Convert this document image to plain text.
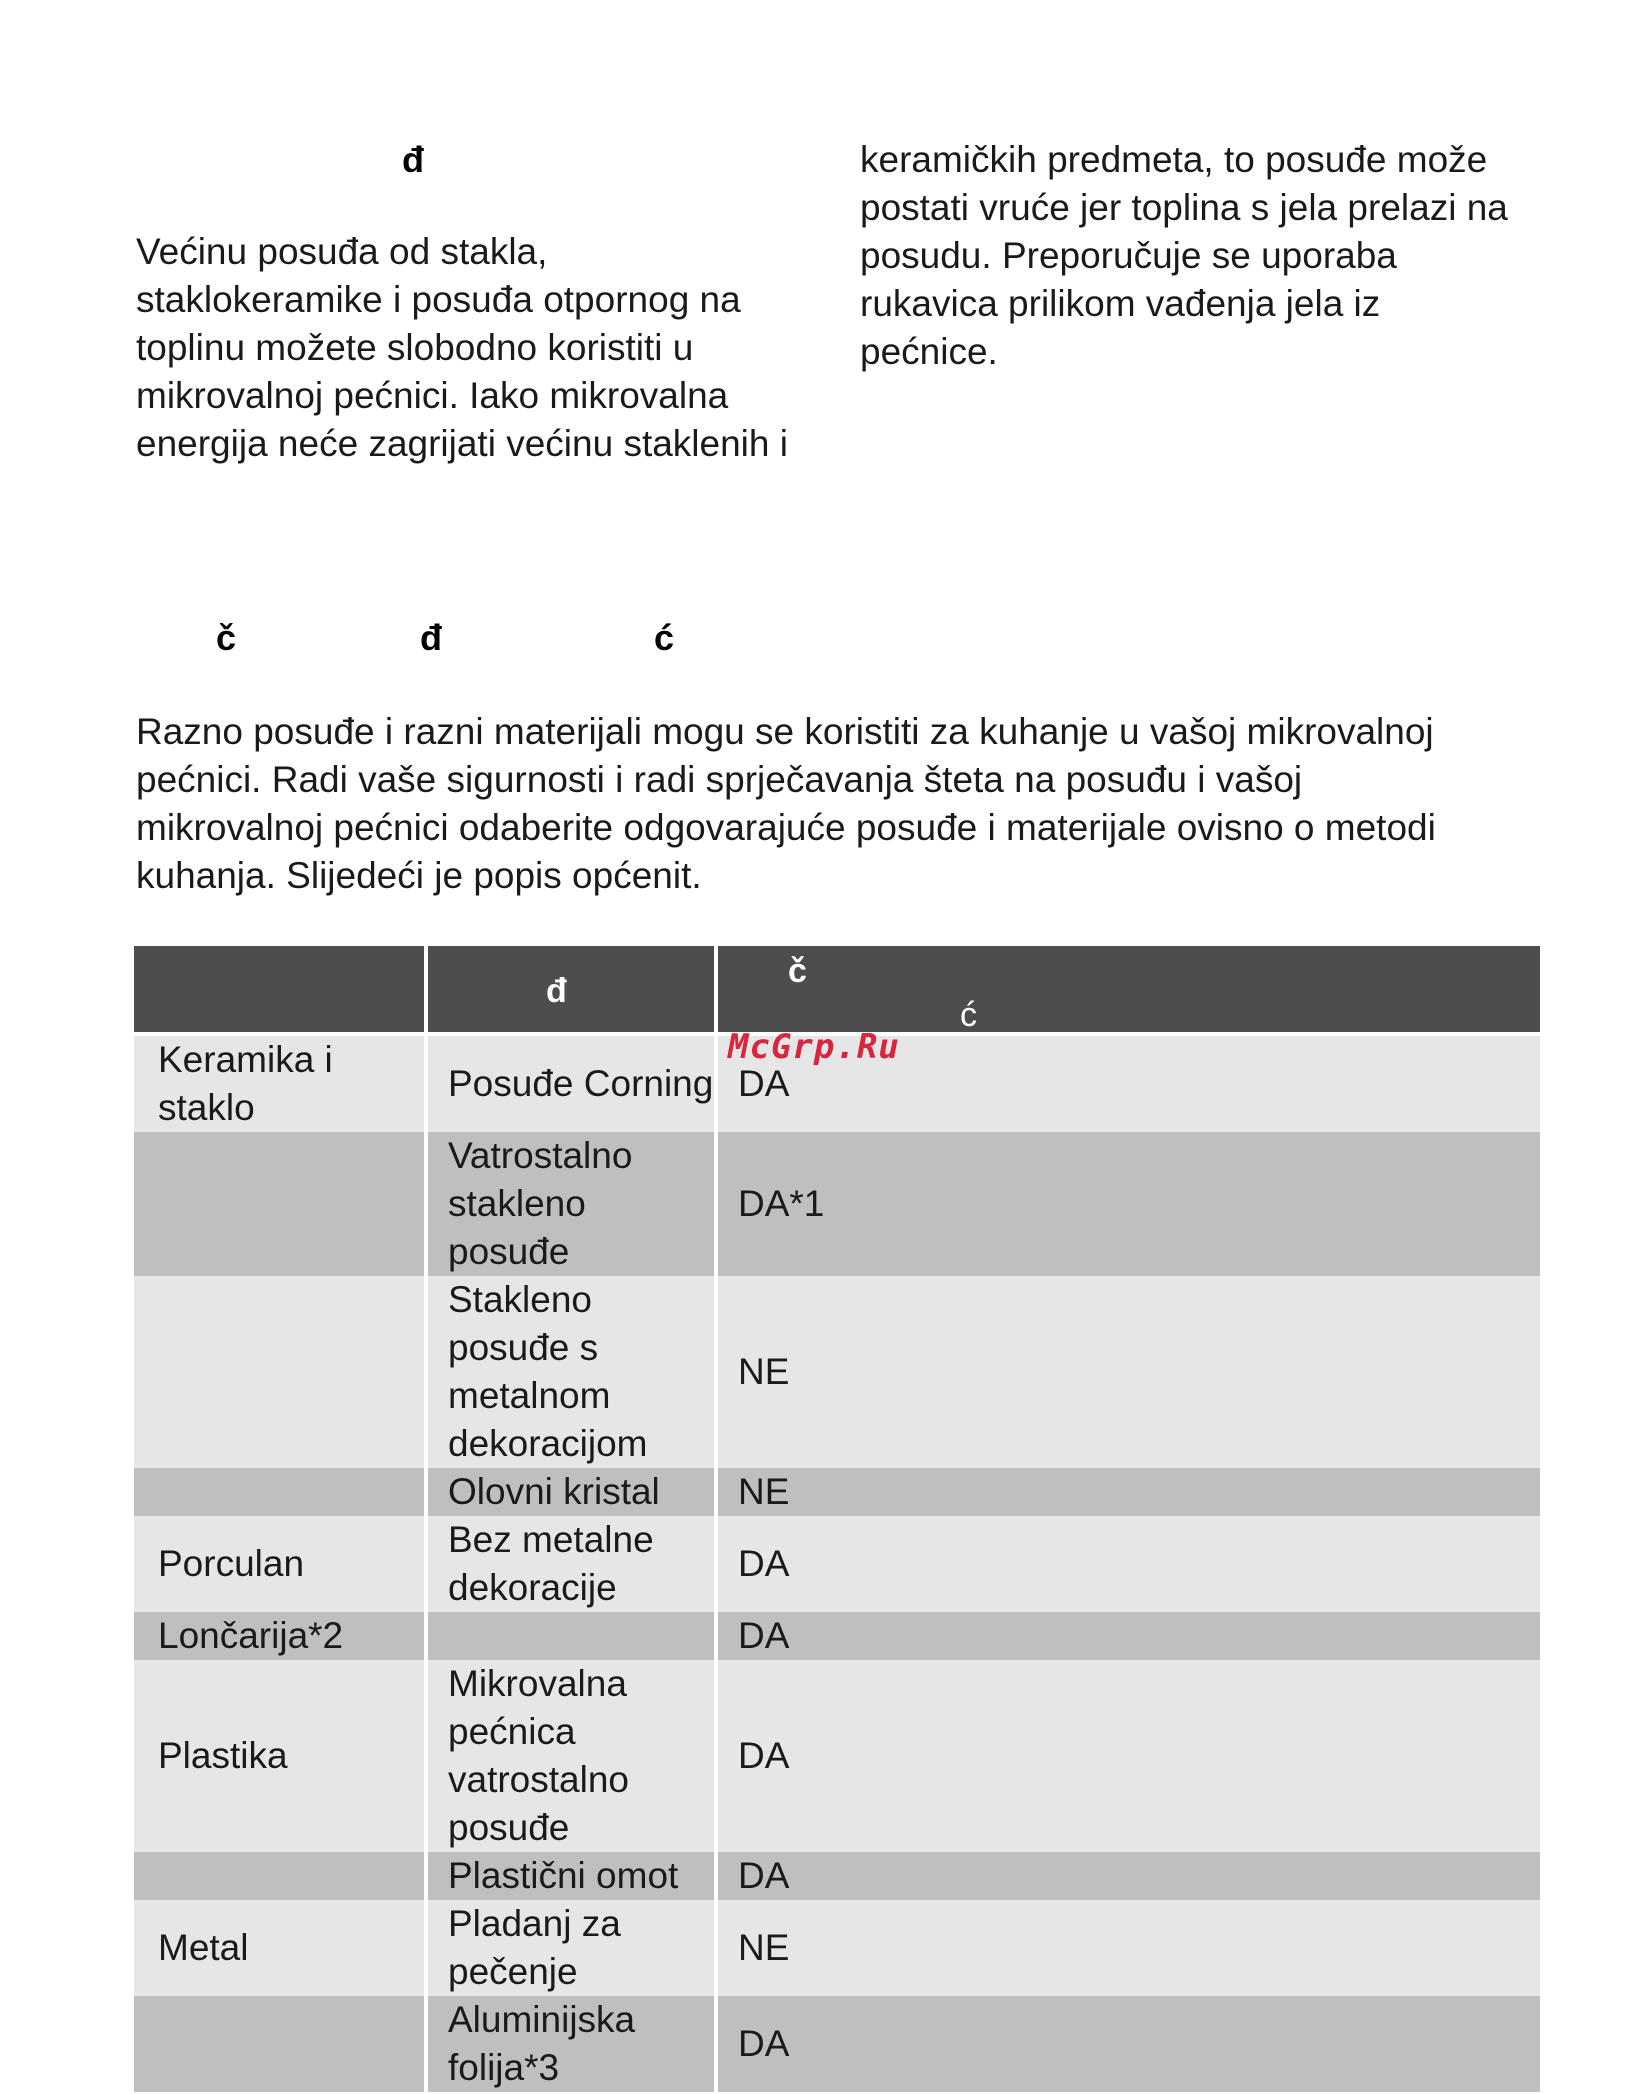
đ

Većinu posuđa od stakla,
staklokeramike i posuđa otpornog na
toplinu možete slobodno koristiti u
mikrovalnoj pećnici. Iako mikrovalna
energija neće zagrijati većinu staklenih i

keramičkih predmeta, to posuđe može
postati vruće jer toplina s jela prelazi na
posudu. Preporučuje se uporaba
rukavica prilikom vađenja jela iz
pećnice.

č	đ	ć

Razno posuđe i razni materijali mogu se koristiti za kuhanje u vašoj mikrovalnoj
pećnici. Radi vaše sigurnosti i radi sprječavanja šteta na posuđu i vašoj
mikrovalnoj pećnici odaberite odgovarajuće posuđe i materijale ovisno o metodi
kuhanja. Slijedeći je popis općenit.

	đ	č
ć

Keramika i staklo	Posuđe Corning	DA
	Vatrostalno stakleno posuđe	DA*1
	Stakleno posuđe s metalnom dekoracijom	NE
	Olovni kristal	NE
Porculan	Bez metalne dekoracije	DA
Lončarija*2		DA
Plastika	Mikrovalna pećnica vatrostalno posuđe	DA
	Plastični omot	DA
Metal	Pladanj za pečenje	NE
	Aluminijska folija*3	DA
McGrp.Ru
